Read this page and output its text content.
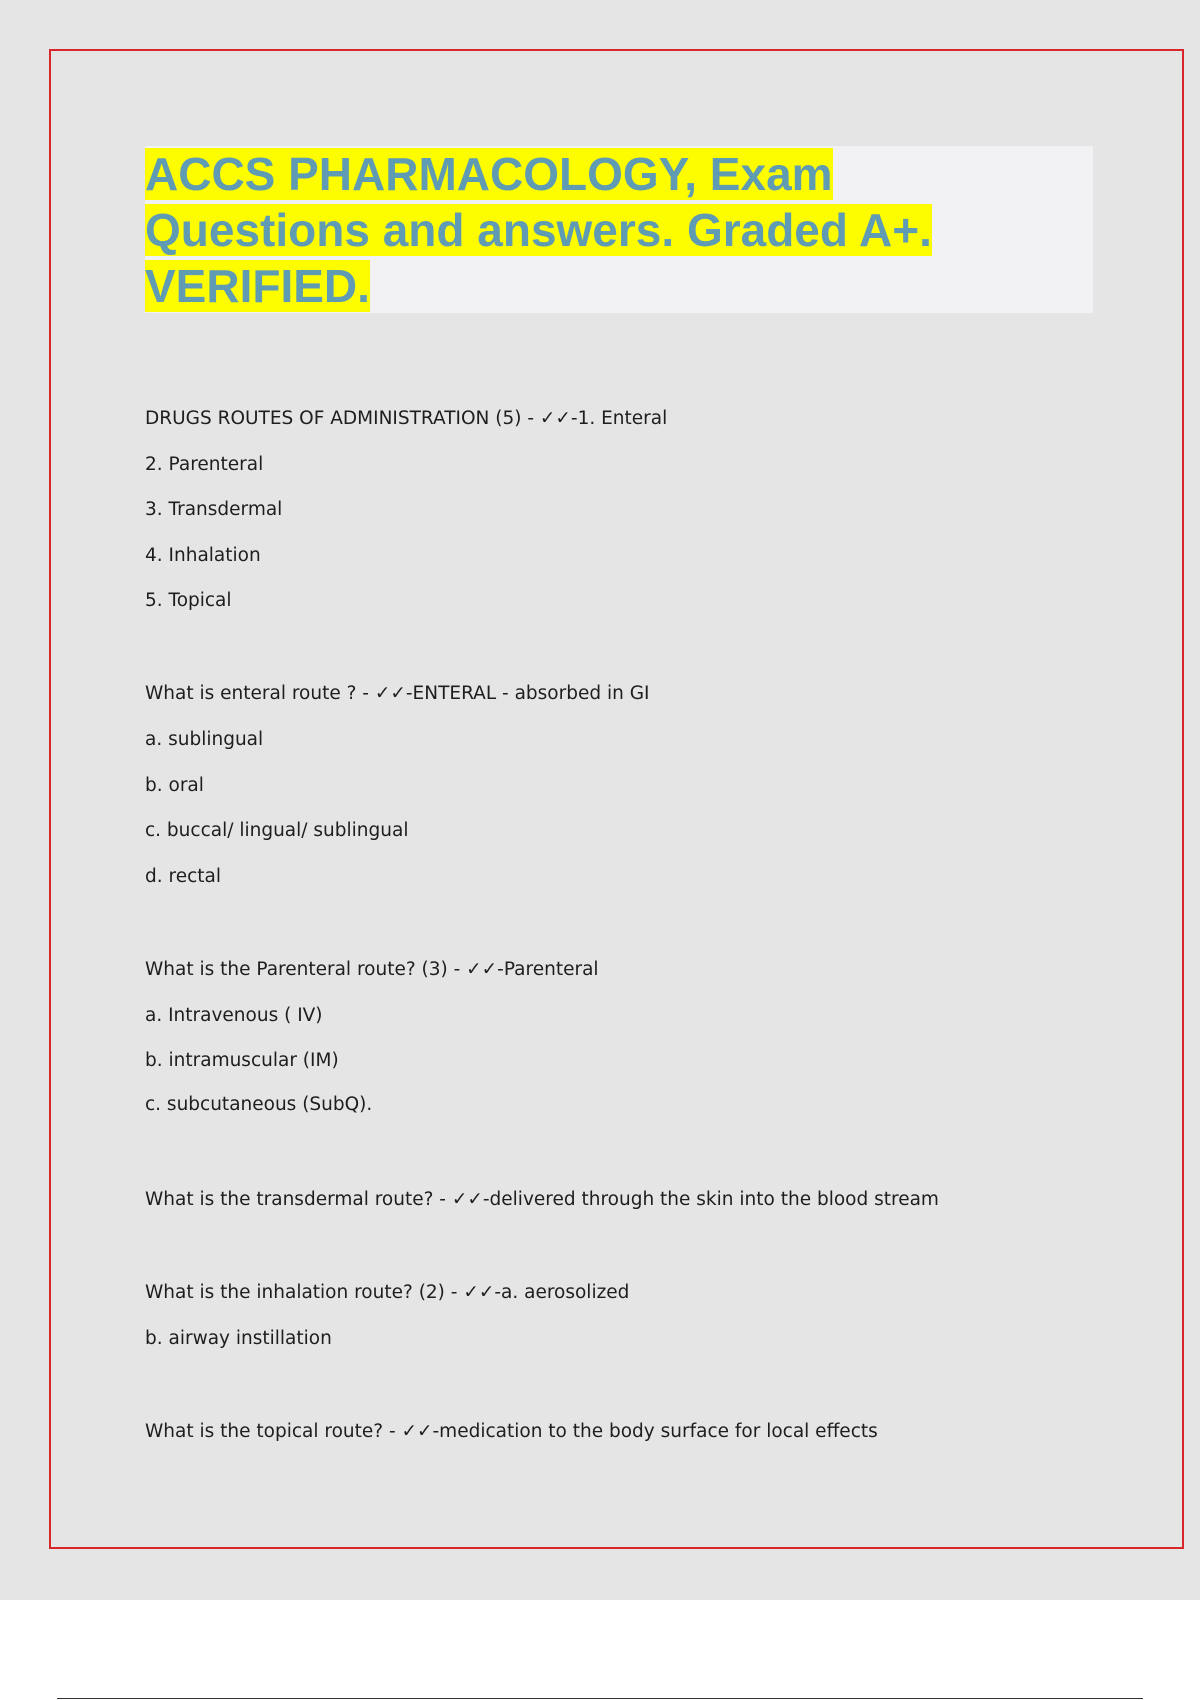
ACCS PHARMACOLOGY, Exam Questions and answers. Graded A+. VERIFIED.

DRUGS ROUTES OF ADMINISTRATION (5) - ✓✓-1. Enteral

2. Parenteral

3. Transdermal

4. Inhalation

5. Topical

What is enteral route ? - ✓✓-ENTERAL - absorbed in GI

a. sublingual

b. oral

c. buccal/ lingual/ sublingual

d. rectal

What is the Parenteral route? (3) - ✓✓-Parenteral

a. Intravenous ( IV)

b. intramuscular (IM)

c. subcutaneous (SubQ).

What is the transdermal route? - ✓✓-delivered through the skin into the blood stream

What is the inhalation route? (2) - ✓✓-a. aerosolized

b. airway instillation

What is the topical route? - ✓✓-medication to the body surface for local effects
